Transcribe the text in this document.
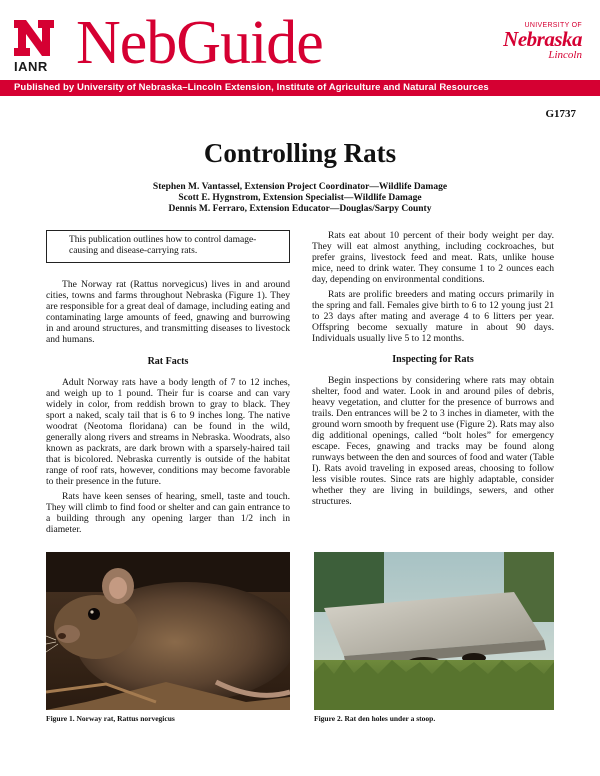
IANR NebGuide	UNIVERSITY OF
Nebraska
Lincoln
Published by University of Nebraska–Lincoln Extension, Institute of Agriculture and Natural Resources
G1737
Controlling Rats
Stephen M. Vantassel, Extension Project Coordinator—Wildlife Damage
Scott E. Hygnstrom, Extension Specialist—Wildlife Damage
Dennis M. Ferraro, Extension Educator—Douglas/Sarpy County
This publication outlines how to control damage-causing and disease-carrying rats.

The Norway rat (Rattus norvegicus) lives in and around cities, towns and farms throughout Nebraska (Figure 1). They are responsible for a great deal of damage, including eating and contaminating large amounts of feed, gnawing and burrowing in and around structures, and transmitting diseases to livestock and humans.

Rat Facts

Adult Norway rats have a body length of 7 to 12 inches, and weigh up to 1 pound. Their fur is coarse and can vary widely in color, from reddish brown to gray to black. They sport a naked, scaly tail that is 6 to 9 inches long. The native woodrat (Neotoma floridana) can be found in the wild, generally along rivers and streams in Nebraska. Woodrats, also known as packrats, are dark brown with a sparsely-haired tail that is bicolored. Nebraska currently is outside of the habitat range of roof rats, however, conditions may become favorable to their presence in the future.

Rats have keen senses of hearing, smell, taste and touch. They will climb to find food or shelter and can gain entrance to a building through any opening larger than 1/2 inch in diameter.

Rats eat about 10 percent of their body weight per day. They will eat almost anything, including cockroaches, but prefer grains, livestock feed and meat. Rats, unlike house mice, need to drink water. They consume 1 to 2 ounces each day, depending on environmental conditions.

Rats are prolific breeders and mating occurs primarily in the spring and fall. Females give birth to 6 to 12 young just 21 to 23 days after mating and average 4 to 6 litters per year. Offspring become sexually mature in about 90 days. Individuals usually live 5 to 12 months.

Inspecting for Rats

Begin inspections by considering where rats may obtain shelter, food and water. Look in and around piles of debris, heavy vegetation, and clutter for the presence of burrows and trails. Den entrances will be 2 to 3 inches in diameter, with the ground worn smooth by frequent use (Figure 2). Rats may also dig additional openings, called “bolt holes” for emergency escape. Feces, gnawing and tracks may be found along runways between the den and sources of food and water (Table I). Rats avoid traveling in exposed areas, choosing to follow less visible routes. Since rats are highly adaptable, consider whether they are living in buildings, sewers, and other structures.

Figure 1. Norway rat, Rattus norvegicus	Figure 2. Rat den holes under a stoop.
